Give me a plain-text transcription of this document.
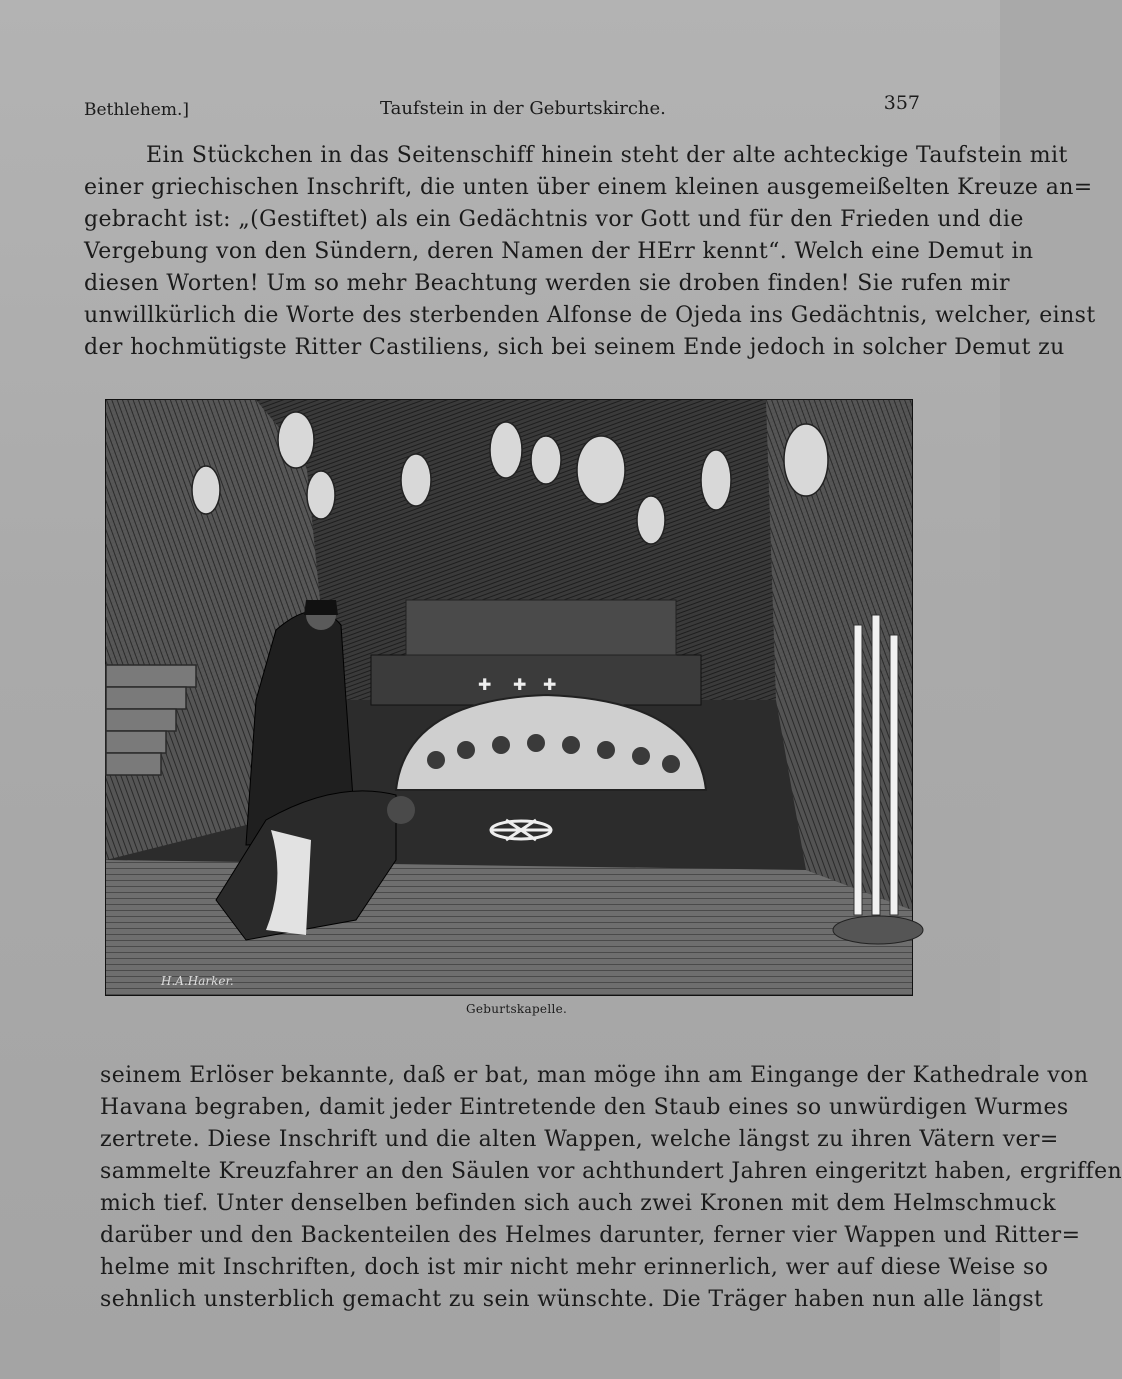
Bethlehem.]	Taufstein in der Geburtskirche.	357
Ein Stückchen in das Seitenschiff hinein steht der alte achteckige Taufstein mit
einer griechischen Inschrift, die unten über einem kleinen ausgemeißelten Kreuze an=
gebracht ist: „(Gestiftet) als ein Gedächtnis vor Gott und für den Frieden und die
Vergebung von den Sündern, deren Namen der HErr kennt“. Welch eine Demut in
diesen Worten! Um so mehr Beachtung werden sie droben finden! Sie rufen mir
unwillkürlich die Worte des sterbenden Alfonse de Ojeda ins Gedächtnis, welcher, einst
der hochmütigste Ritter Castiliens, sich bei seinem Ende jedoch in solcher Demut zu
✚ ✚ ✚
H.A.Harker.
Geburtskapelle.
seinem Erlöser bekannte, daß er bat, man möge ihn am Eingange der Kathedrale von
Havana begraben, damit jeder Eintretende den Staub eines so unwürdigen Wurmes
zertrete. Diese Inschrift und die alten Wappen, welche längst zu ihren Vätern ver=
sammelte Kreuzfahrer an den Säulen vor achthundert Jahren eingeritzt haben, ergriffen
mich tief. Unter denselben befinden sich auch zwei Kronen mit dem Helmschmuck
darüber und den Backenteilen des Helmes darunter, ferner vier Wappen und Ritter=
helme mit Inschriften, doch ist mir nicht mehr erinnerlich, wer auf diese Weise so
sehnlich unsterblich gemacht zu sein wünschte. Die Träger haben nun alle längst
